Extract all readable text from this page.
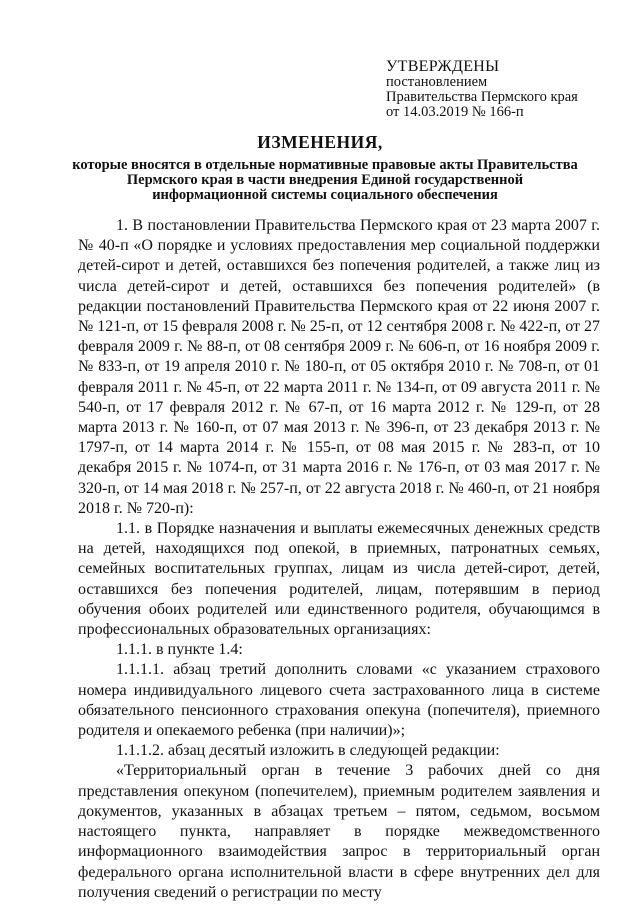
УТВЕРЖДЕНЫ
постановлением
Правительства Пермского края
от 14.03.2019 № 166-п
ИЗМЕНЕНИЯ,
которые вносятся в отдельные нормативные правовые акты Правительства Пермского края в части внедрения Единой государственной информационной системы социального обеспечения

1. В постановлении Правительства Пермского края от 23 марта 2007 г. № 40-п «О порядке и условиях предоставления мер социальной поддержки детей-сирот и детей, оставшихся без попечения родителей, а также лиц из числа детей-сирот и детей, оставшихся без попечения родителей» (в редакции постановлений Правительства Пермского края от 22 июня 2007 г. № 121-п, от 15 февраля 2008 г. № 25-п, от 12 сентября 2008 г. № 422-п, от 27 февраля 2009 г. № 88-п, от 08 сентября 2009 г. № 606-п, от 16 ноября 2009 г. № 833-п, от 19 апреля 2010 г. № 180-п, от 05 октября 2010 г. № 708-п, от 01 февраля 2011 г. № 45-п, от 22 марта 2011 г. № 134-п, от 09 августа 2011 г. № 540-п, от 17 февраля 2012 г. № 67-п, от 16 марта 2012 г. № 129-п, от 28 марта 2013 г. № 160-п, от 07 мая 2013 г. № 396-п, от 23 декабря 2013 г. № 1797-п, от 14 марта 2014 г. № 155-п, от 08 мая 2015 г. № 283-п, от 10 декабря 2015 г. № 1074-п, от 31 марта 2016 г. № 176-п, от 03 мая 2017 г. № 320-п, от 14 мая 2018 г. № 257-п, от 22 августа 2018 г. № 460-п, от 21 ноября 2018 г. № 720-п):

1.1. в Порядке назначения и выплаты ежемесячных денежных средств на детей, находящихся под опекой, в приемных, патронатных семьях, семейных воспитательных группах, лицам из числа детей-сирот, детей, оставшихся без попечения родителей, лицам, потерявшим в период обучения обоих родителей или единственного родителя, обучающимся в профессиональных образовательных организациях:

1.1.1. в пункте 1.4:

1.1.1.1. абзац третий дополнить словами «с указанием страхового номера индивидуального лицевого счета застрахованного лица в системе обязательного пенсионного страхования опекуна (попечителя), приемного родителя и опекаемого ребенка (при наличии)»;

1.1.1.2. абзац десятый изложить в следующей редакции:

«Территориальный орган в течение 3 рабочих дней со дня представления опекуном (попечителем), приемным родителем заявления и документов, указанных в абзацах третьем – пятом, седьмом, восьмом настоящего пункта, направляет в порядке межведомственного информационного взаимодействия запрос в территориальный орган федерального органа исполнительной власти в сфере внутренних дел для получения сведений о регистрации по месту
